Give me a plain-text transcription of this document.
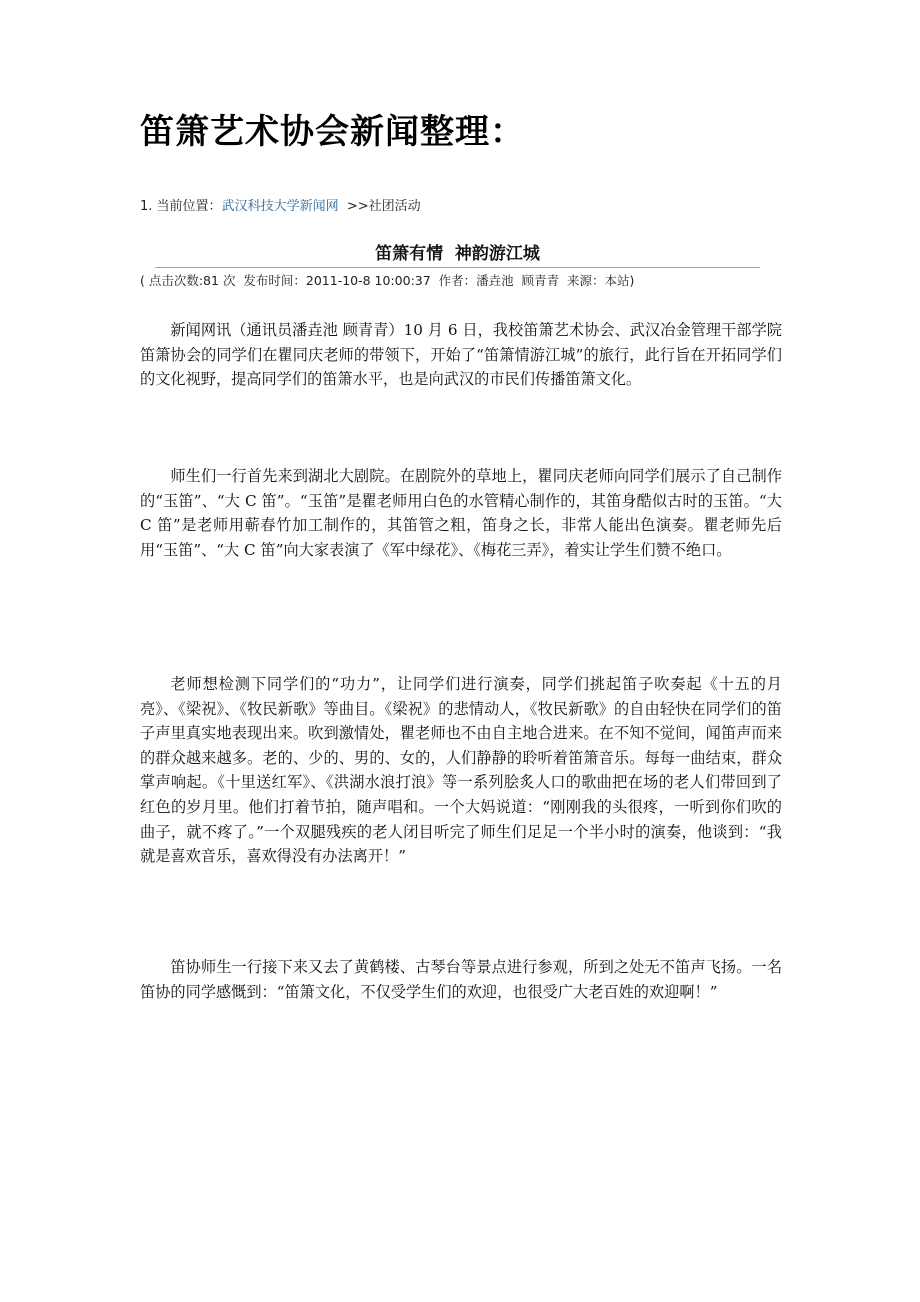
笛箫艺术协会新闻整理：
1. 当前位置：武汉科技大学新闻网 >>社团活动
笛箫有情  神韵游江城
( 点击次数:81 次  发布时间：2011-10-8 10:00:37  作者：潘垚池  顾青青  来源：本站)

新闻网讯（通讯员潘垚池 顾青青）10 月 6 日，我校笛箫艺术协会、武汉冶金管理干部学院笛箫协会的同学们在瞿同庆老师的带领下，开始了“笛箫情游江城”的旅行，此行旨在开拓同学们的文化视野，提高同学们的笛箫水平，也是向武汉的市民们传播笛箫文化。

师生们一行首先来到湖北大剧院。在剧院外的草地上，瞿同庆老师向同学们展示了自己制作的“玉笛”、“大 C 笛”。“玉笛”是瞿老师用白色的水管精心制作的，其笛身酷似古时的玉笛。“大 C 笛”是老师用蕲春竹加工制作的，其笛管之粗，笛身之长，非常人能出色演奏。瞿老师先后用“玉笛”、“大 C 笛”向大家表演了《军中绿花》、《梅花三弄》，着实让学生们赞不绝口。

老师想检测下同学们的“功力”，让同学们进行演奏，同学们挑起笛子吹奏起《十五的月亮》、《梁祝》、《牧民新歌》等曲目。《梁祝》的悲情动人，《牧民新歌》的自由轻快在同学们的笛子声里真实地表现出来。吹到激情处，瞿老师也不由自主地合进来。在不知不觉间，闻笛声而来的群众越来越多。老的、少的、男的、女的，人们静静的聆听着笛箫音乐。每每一曲结束，群众掌声响起。《十里送红军》、《洪湖水浪打浪》等一系列脍炙人口的歌曲把在场的老人们带回到了红色的岁月里。他们打着节拍，随声唱和。一个大妈说道：“刚刚我的头很疼，一听到你们吹的曲子，就不疼了。”一个双腿残疾的老人闭目听完了师生们足足一个半小时的演奏，他谈到：“我就是喜欢音乐，喜欢得没有办法离开！”

笛协师生一行接下来又去了黄鹤楼、古琴台等景点进行参观，所到之处无不笛声飞扬。一名笛协的同学感慨到：“笛箫文化，不仅受学生们的欢迎，也很受广大老百姓的欢迎啊！”
